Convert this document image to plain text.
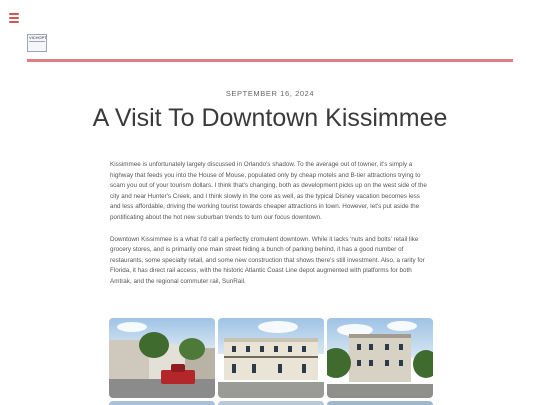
VICHOPT
SEPTEMBER 16, 2024
A Visit To Downtown Kissimmee

Kissimmee is unfortunately largely discussed in Orlando's shadow. To the average out of towner, it's simply a highway that feeds you into the House of Mouse, populated only by cheap motels and B-tier attractions trying to scam you out of your tourism dollars. I think that's changing, both as development picks up on the west side of the city and near Hunter's Creek, and I think slowly in the core as well, as the typical Disney vacation becomes less and less affordable, driving the working tourist towards cheaper attractions in town. However, let's put aside the pontificating about the hot new suburban trends to turn our focus downtown.

Downtown Kissimmee is a what I'd call a perfectly cromulent downtown. While it lacks 'nuts and bolts' retail like grocery stores, and is primarily one main street hiding a bunch of parking behind, it has a good number of restaurants, some specialty retail, and some new construction that shows there's still investment. Also, a rarity for Florida, it has direct rail access, with the historic Atlantic Coast Line depot augmented with platforms for both Amtrak, and the regional commuter rail, SunRail.
